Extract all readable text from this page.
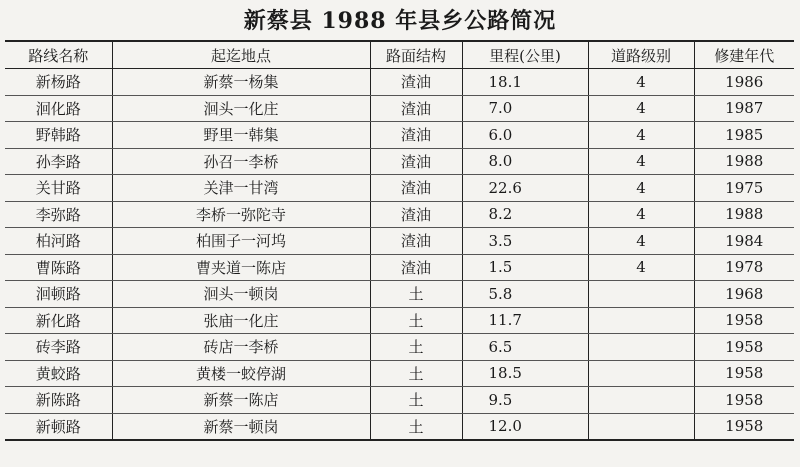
新蔡县 1988 年县乡公路简况
路线名称	起迄地点	路面结构	里程(公里)	道路级别	修建年代
新杨路	新蔡一杨集	渣油	18.1	4	1986
洄化路	洄头一化庄	渣油	7.0	4	1987
野韩路	野里一韩集	渣油	6.0	4	1985
孙李路	孙召一李桥	渣油	8.0	4	1988
关甘路	关津一甘湾	渣油	22.6	4	1975
李弥路	李桥一弥陀寺	渣油	8.2	4	1988
柏河路	柏围子一河坞	渣油	3.5	4	1984
曹陈路	曹夹道一陈店	渣油	1.5	4	1978
洄顿路	洄头一顿岗	土	5.8		1968
新化路	张庙一化庄	土	11.7		1958
砖李路	砖店一李桥	土	6.5		1958
黄蛟路	黄楼一蛟停湖	土	18.5		1958
新陈路	新蔡一陈店	土	9.5		1958
新顿路	新蔡一顿岗	土	12.0		1958
